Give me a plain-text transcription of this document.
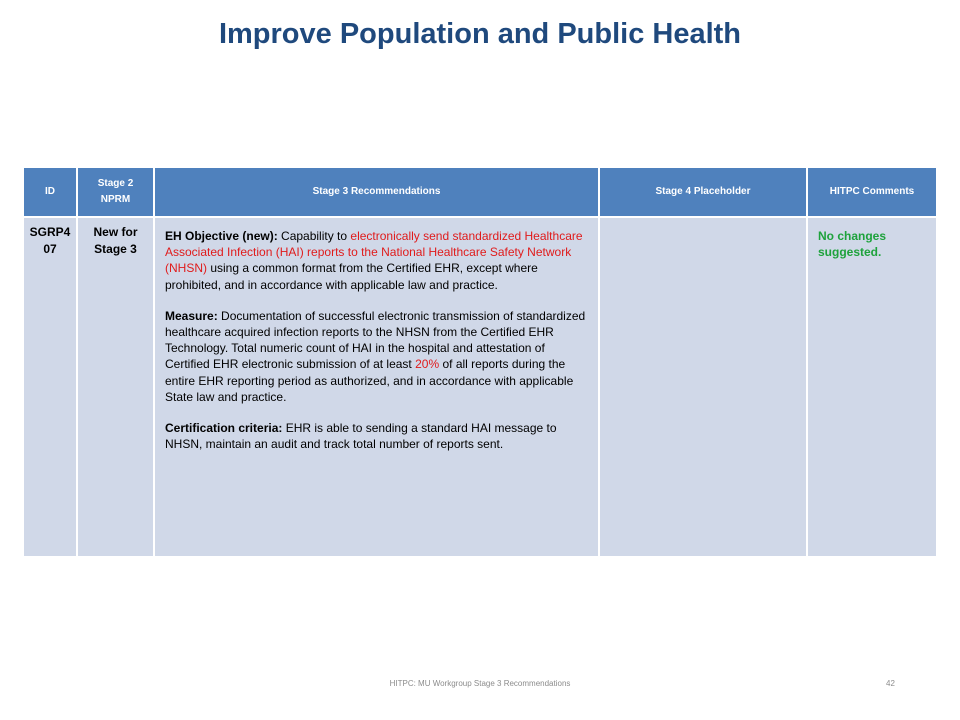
Improve Population and Public Health
ID	Stage 2 NPRM	Stage 3 Recommendations	Stage 4 Placeholder	HITPC Comments

SGRP4 07	New for Stage 3	EH Objective (new): Capability to electronically send standardized Healthcare Associated Infection (HAI) reports to the National Healthcare Safety Network (NHSN) using a common format from the Certified EHR, except where prohibited, and in accordance with applicable law and practice.

Measure: Documentation of successful electronic transmission of standardized healthcare acquired infection reports to the NHSN from the Certified EHR Technology. Total numeric count of HAI in the hospital and attestation of Certified EHR electronic submission of at least 20% of all reports during the entire EHR reporting period as authorized, and in accordance with applicable State law and practice.

Certification criteria: EHR is able to sending a standard HAI message to NHSN, maintain an audit and track total number of reports sent.		No changes suggested.
HITPC: MU Workgroup Stage 3 Recommendations	42
